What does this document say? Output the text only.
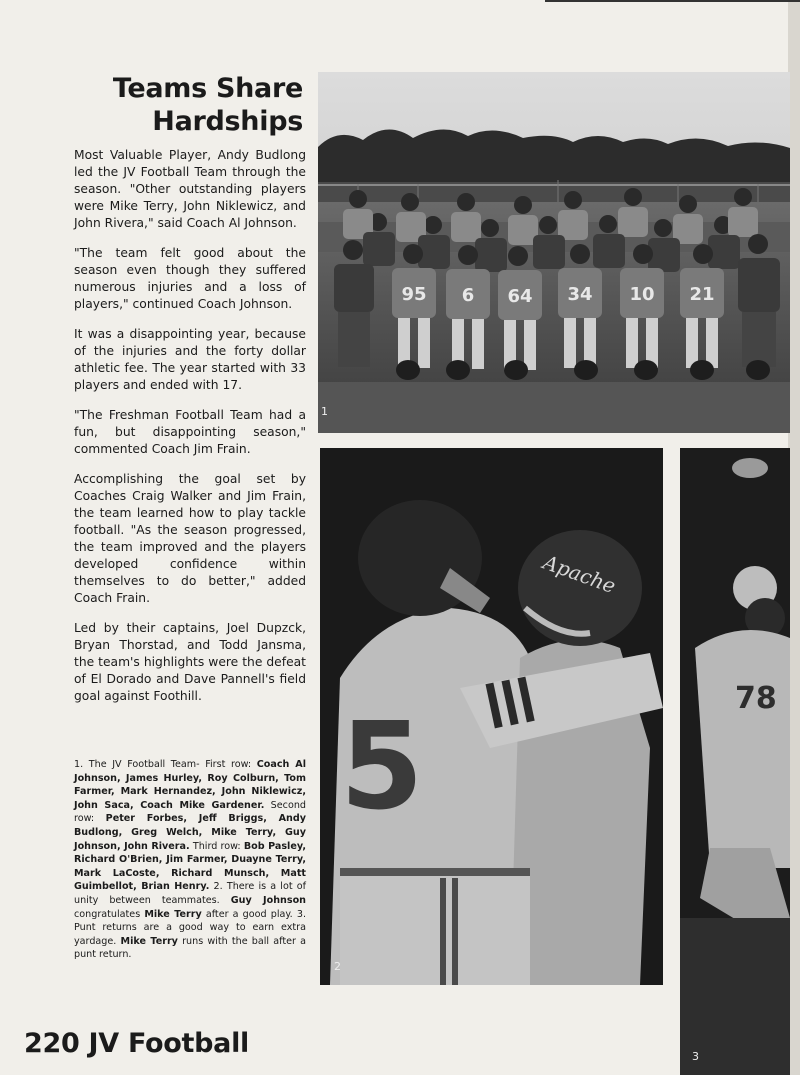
Teams Share
Hardships

Most Valuable Player, Andy Budlong led the JV Football Team through the season. "Other outstanding players were Mike Terry, John Niklewicz, and John Rivera," said Coach Al Johnson.

"The team felt good about the season even though they suffered numerous injuries and a loss of players," continued Coach Johnson.

It was a disappointing year, because of the injuries and the forty dollar athletic fee. The year started with 33 players and ended with 17.

"The Freshman Football Team had a fun, but disappointing season," commented Coach Jim Frain.

Accomplishing the goal set by Coaches Craig Walker and Jim Frain, the team learned how to play tackle football. "As the season progressed, the team improved and the players developed confidence within themselves to do better," added Coach Frain.

Led by their captains, Joel Dupzck, Bryan Thorstad, and Todd Jansma, the team's highlights were the defeat of El Dorado and Dave Pannell's field goal against Foothill.

1. The JV Football Team- First row: Coach Al Johnson, James Hurley, Roy Colburn, Tom Farmer, Mark Hernandez, John Niklewicz, John Saca, Coach Mike Gardener. Second row: Peter Forbes, Jeff Briggs, Andy Budlong, Greg Welch, Mike Terry, Guy Johnson, John Rivera. Third row: Bob Pasley, Richard O'Brien, Jim Farmer, Duayne Terry, Mark LaCoste, Richard Munsch, Matt Guimbellot, Brian Henry. 2. There is a lot of unity between teammates. Guy Johnson congratulates Mike Terry after a good play. 3. Punt returns are a good way to earn extra yardage. Mike Terry runs with the ball after a punt return.
220 JV Football
95 6 64 34 10 21
1
Apache
5
2
78
3
